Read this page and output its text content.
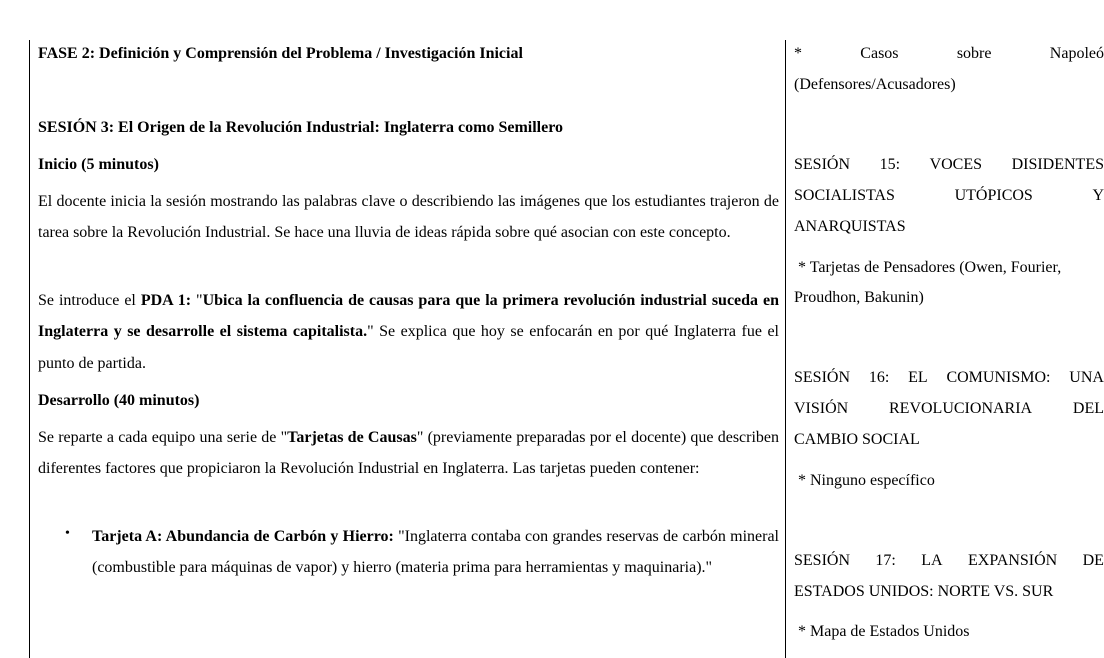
FASE 2: Definición y Comprensión del Problema / Investigación Inicial
SESIÓN 3: El Origen de la Revolución Industrial: Inglaterra como Semillero
Inicio (5 minutos)

El docente inicia la sesión mostrando las palabras clave o describiendo las imágenes que los estudiantes trajeron de tarea sobre la Revolución Industrial. Se hace una lluvia de ideas rápida sobre qué asocian con este concepto.

Se introduce el PDA 1: "Ubica la confluencia de causas para que la primera revolución industrial suceda en Inglaterra y se desarrolle el sistema capitalista." Se explica que hoy se enfocarán en por qué Inglaterra fue el punto de partida.

Desarrollo (40 minutos)

Se reparte a cada equipo una serie de "Tarjetas de Causas" (previamente preparadas por el docente) que describen diferentes factores que propiciaron la Revolución Industrial en Inglaterra. Las tarjetas pueden contener:

• Tarjeta A: Abundancia de Carbón y Hierro: "Inglaterra contaba con grandes reservas de carbón mineral (combustible para máquinas de vapor) y hierro (materia prima para herramientas y maquinaria)."
*	Casos	sobre	Napoleó
(Defensores/Acusadores)
SESIÓN 15: VOCES DISIDENTES
SOCIALISTAS	UTÓPICOS	Y
ANARQUISTAS
* Tarjetas de Pensadores (Owen, Fourier,
Proudhon, Bakunin)
SESIÓN 16: EL COMUNISMO: UNA
VISIÓN	REVOLUCIONARIA	DEL
CAMBIO SOCIAL
* Ninguno específico
SESIÓN 17: LA EXPANSIÓN DE
ESTADOS UNIDOS: NORTE VS. SUR
* Mapa de Estados Unidos
